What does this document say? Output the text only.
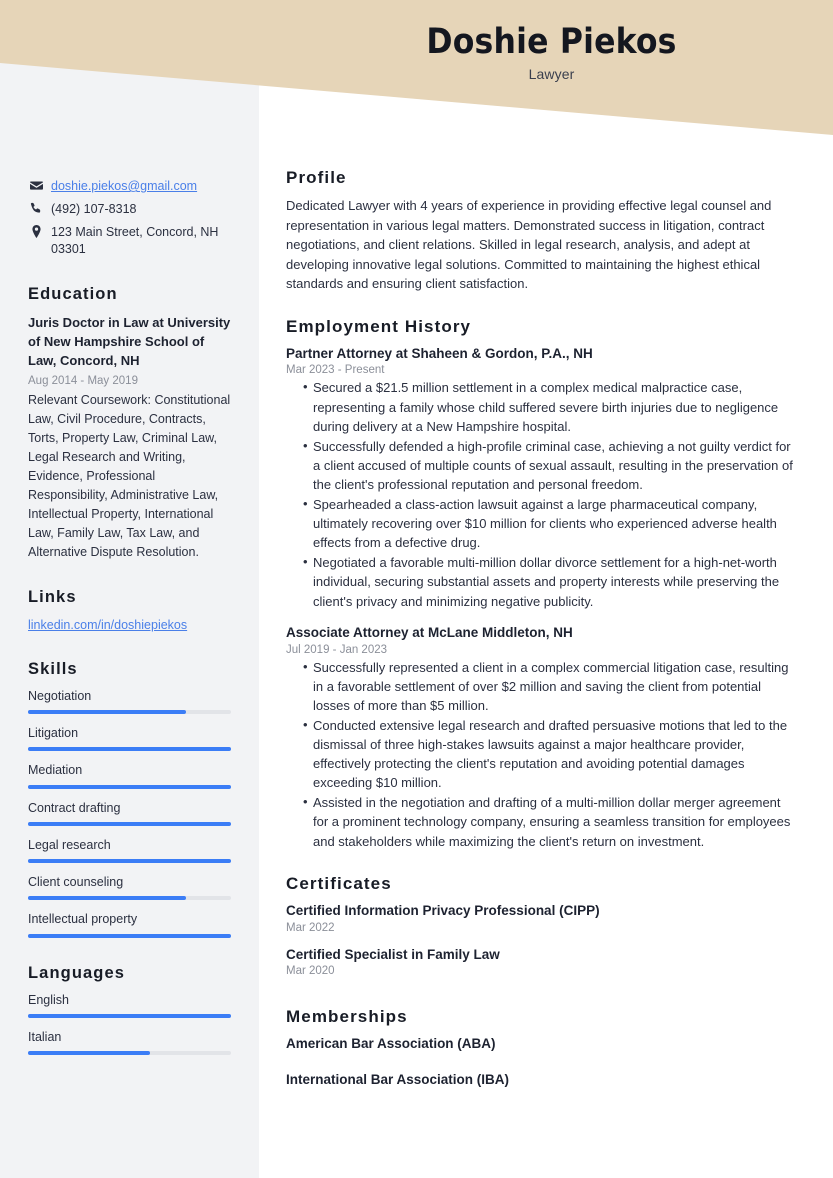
doshie.piekos@gmail.com
(492) 107-8318
123 Main Street, Concord, NH 03301
Education
Juris Doctor in Law at University of New Hampshire School of Law, Concord, NH
Aug 2014 - May 2019
Relevant Coursework: Constitutional Law, Civil Procedure, Contracts, Torts, Property Law, Criminal Law, Legal Research and Writing, Evidence, Professional Responsibility, Administrative Law, Intellectual Property, International Law, Family Law, Tax Law, and Alternative Dispute Resolution.
Links
linkedin.com/in/doshiepiekos
Skills
Negotiation
Litigation
Mediation
Contract drafting
Legal research
Client counseling
Intellectual property
Languages
English
Italian
Profile
Dedicated Lawyer with 4 years of experience in providing effective legal counsel and representation in various legal matters. Demonstrated success in litigation, contract negotiations, and client relations. Skilled in legal research, analysis, and adept at developing innovative legal solutions. Committed to maintaining the highest ethical standards and ensuring client satisfaction.
Employment History
Partner Attorney at Shaheen & Gordon, P.A., NH
Mar 2023 - Present
• Secured a $21.5 million settlement in a complex medical malpractice case, representing a family whose child suffered severe birth injuries due to negligence during delivery at a New Hampshire hospital.
• Successfully defended a high-profile criminal case, achieving a not guilty verdict for a client accused of multiple counts of sexual assault, resulting in the preservation of the client's professional reputation and personal freedom.
• Spearheaded a class-action lawsuit against a large pharmaceutical company, ultimately recovering over $10 million for clients who experienced adverse health effects from a defective drug.
• Negotiated a favorable multi-million dollar divorce settlement for a high-net-worth individual, securing substantial assets and property interests while preserving the client's privacy and minimizing negative publicity.
Associate Attorney at McLane Middleton, NH
Jul 2019 - Jan 2023
• Successfully represented a client in a complex commercial litigation case, resulting in a favorable settlement of over $2 million and saving the client from potential losses of more than $5 million.
• Conducted extensive legal research and drafted persuasive motions that led to the dismissal of three high-stakes lawsuits against a major healthcare provider, effectively protecting the client's reputation and avoiding potential damages exceeding $10 million.
• Assisted in the negotiation and drafting of a multi-million dollar merger agreement for a prominent technology company, ensuring a seamless transition for employees and stakeholders while maximizing the client's return on investment.
Certificates
Certified Information Privacy Professional (CIPP)
Mar 2022
Certified Specialist in Family Law
Mar 2020
Memberships
American Bar Association (ABA)
International Bar Association (IBA)
Doshie Piekos
Lawyer
